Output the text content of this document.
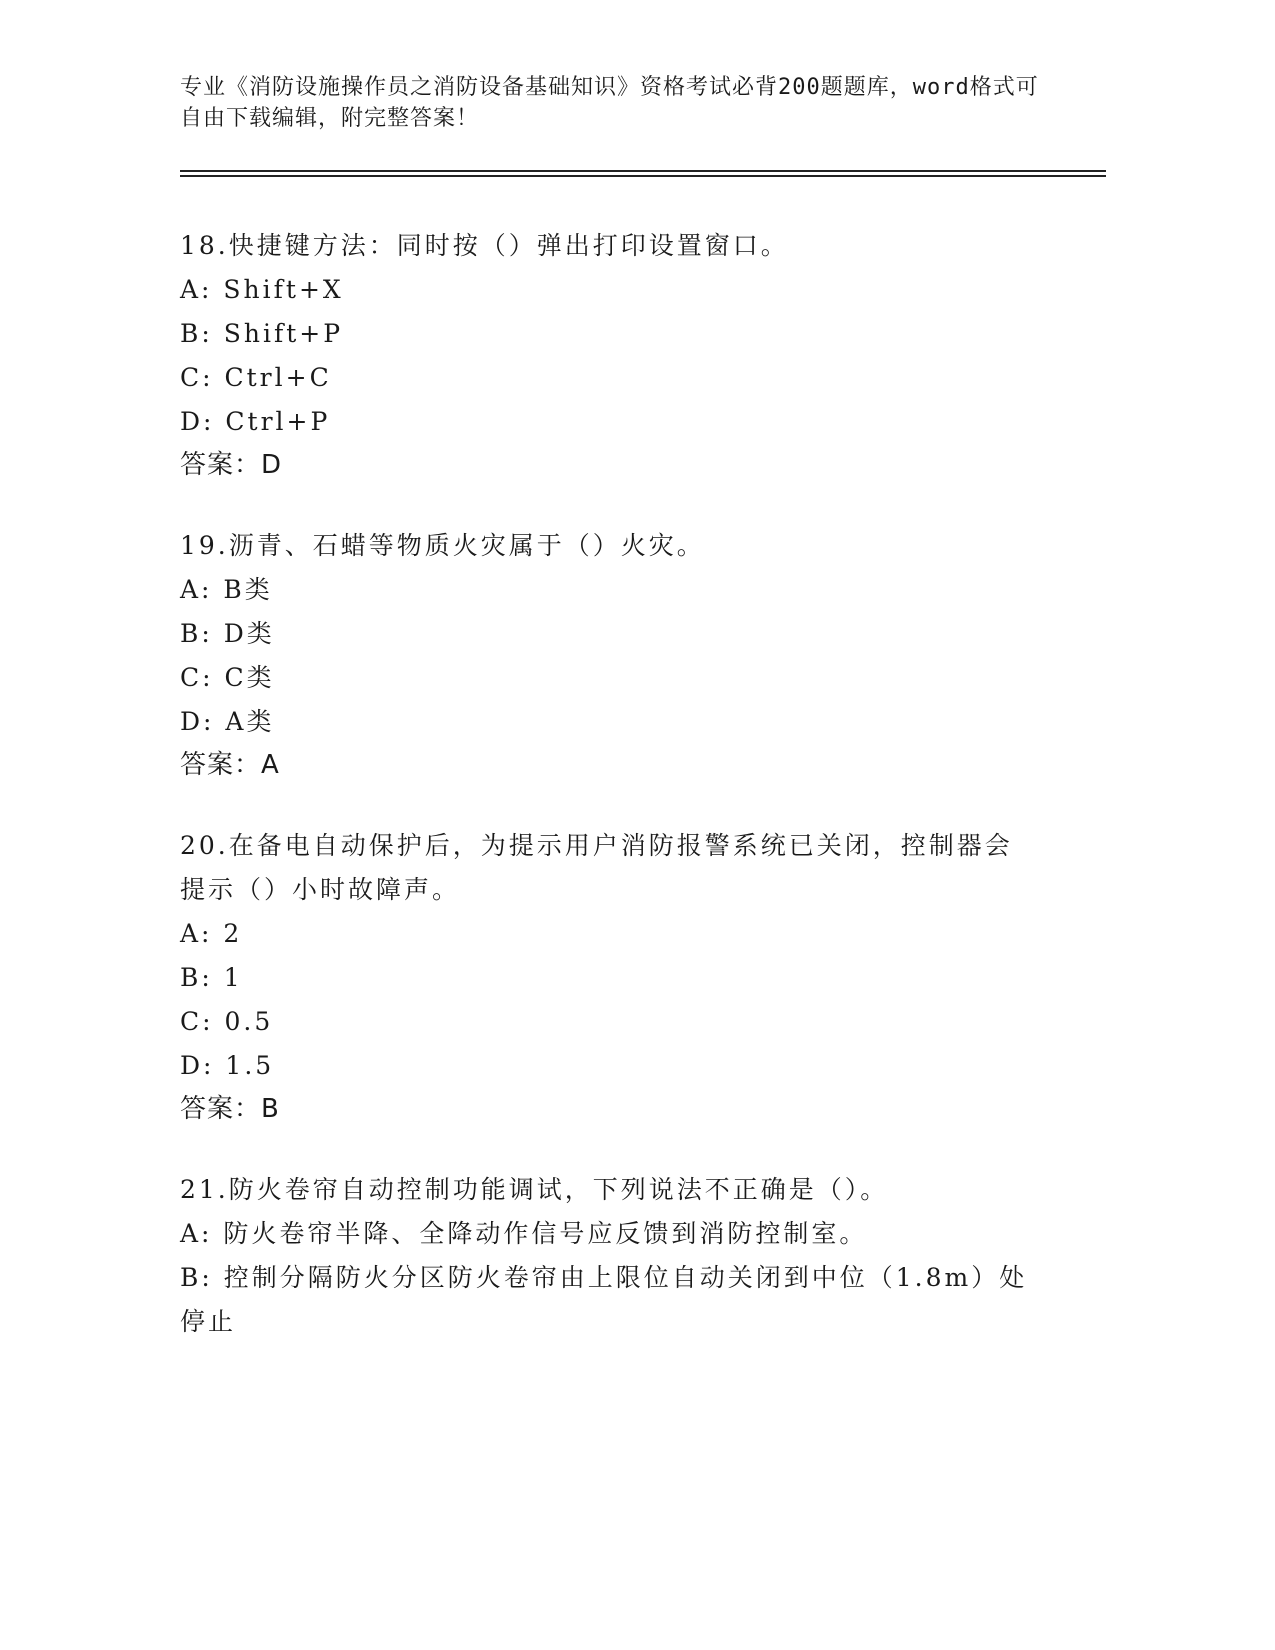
专业《消防设施操作员之消防设备基础知识》资格考试必背200题题库，word格式可自由下载编辑，附完整答案！
18.快捷键方法：同时按（）弹出打印设置窗口。
A: Shift+X
B: Shift+P
C: Ctrl+C
D: Ctrl+P
答案：D
19.沥青、石蜡等物质火灾属于（）火灾。
A: B类
B: D类
C: C类
D: A类
答案：A
20.在备电自动保护后，为提示用户消防报警系统已关闭，控制器会提示（）小时故障声。
A: 2
B: 1
C: 0.5
D: 1.5
答案：B
21.防火卷帘自动控制功能调试，下列说法不正确是（）。
A: 防火卷帘半降、全降动作信号应反馈到消防控制室。
B: 控制分隔防火分区防火卷帘由上限位自动关闭到中位（1.8m）处停止
